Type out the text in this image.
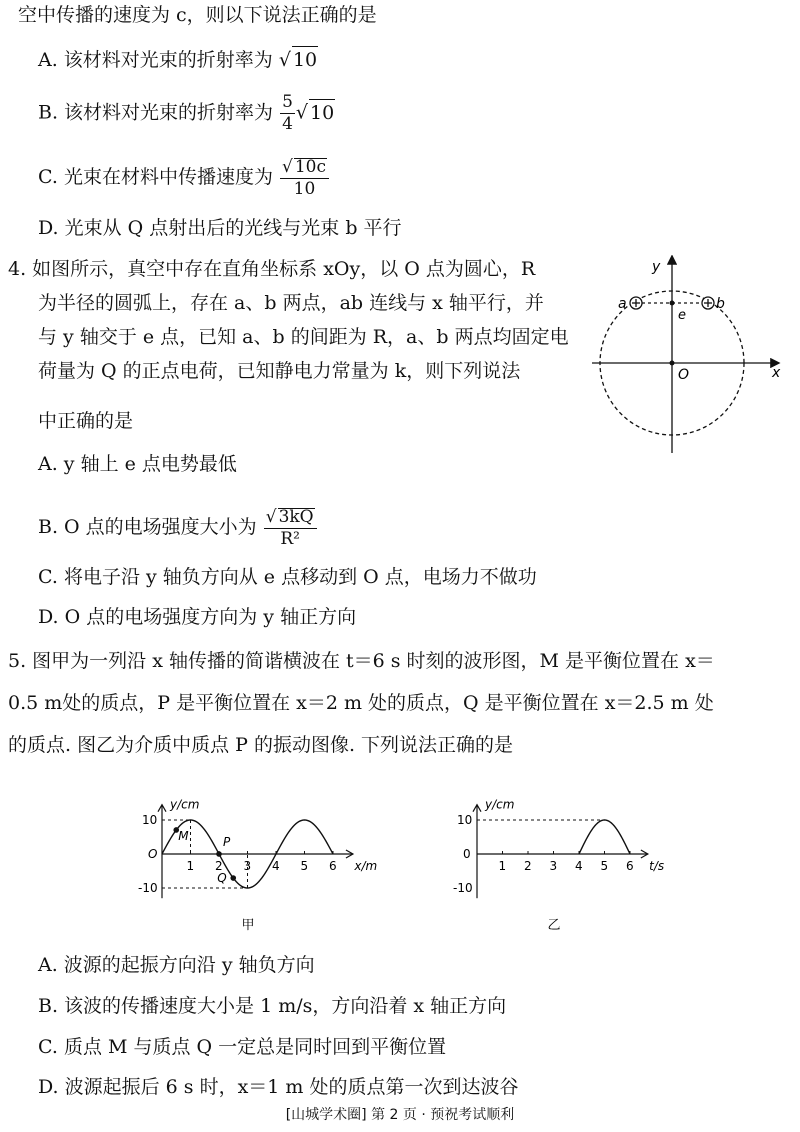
空中传播的速度为 c，则以下说法正确的是
A. 该材料对光束的折射率为 √ 10
B. 该材料对光束的折射率为 $\frac{5}{4}$ √ 10
C. 光束在材料中传播速度为 $\frac{√ 10c}{10}$
D. 光束从 Q 点射出后的光线与光束 b 平行
4. 如图所示，真空中存在直角坐标系 xOy，以 O 点为圆心，R
为半径的圆弧上，存在 a、b 两点，ab 连线与 x 轴平行，并
与 y 轴交于 e 点，已知 a、b 的间距为 R，a、b 两点均固定电
荷量为 Q 的正点电荷，已知静电力常量为 k，则下列说法
中正确的是
a	b
e
O
y
x
A. y 轴上 e 点电势最低
B. O 点的电场强度大小为 $\frac{√ 3kQ}{\text{R²}}$
C. 将电子沿 y 轴负方向从 e 点移动到 O 点，电场力不做功
D. O 点的电场强度方向为 y 轴正方向
5. 图甲为一列沿 x 轴传播的简谐横波在 t＝6 s 时刻的波形图，M 是平衡位置在 x＝
0.5 m处的质点，P 是平衡位置在 x＝2 m 处的质点，Q 是平衡位置在 x＝2.5 m 处
的质点. 图乙为介质中质点 P 的振动图像. 下列说法正确的是
y/cm
x/m
1 2 3 4 5 6
10
O
-10
M	P
Q
甲
y/cm
t/s
1 2 3 4 5 6
10
0
-10
乙
A. 波源的起振方向沿 y 轴负方向
B. 该波的传播速度大小是 1 m/s，方向沿着 x 轴正方向
C. 质点 M 与质点 Q 一定总是同时回到平衡位置
D. 波源起振后 6 s 时，x＝1 m 处的质点第一次到达波谷
[山城学术圈] 第 2 页 · 预祝考试顺利
